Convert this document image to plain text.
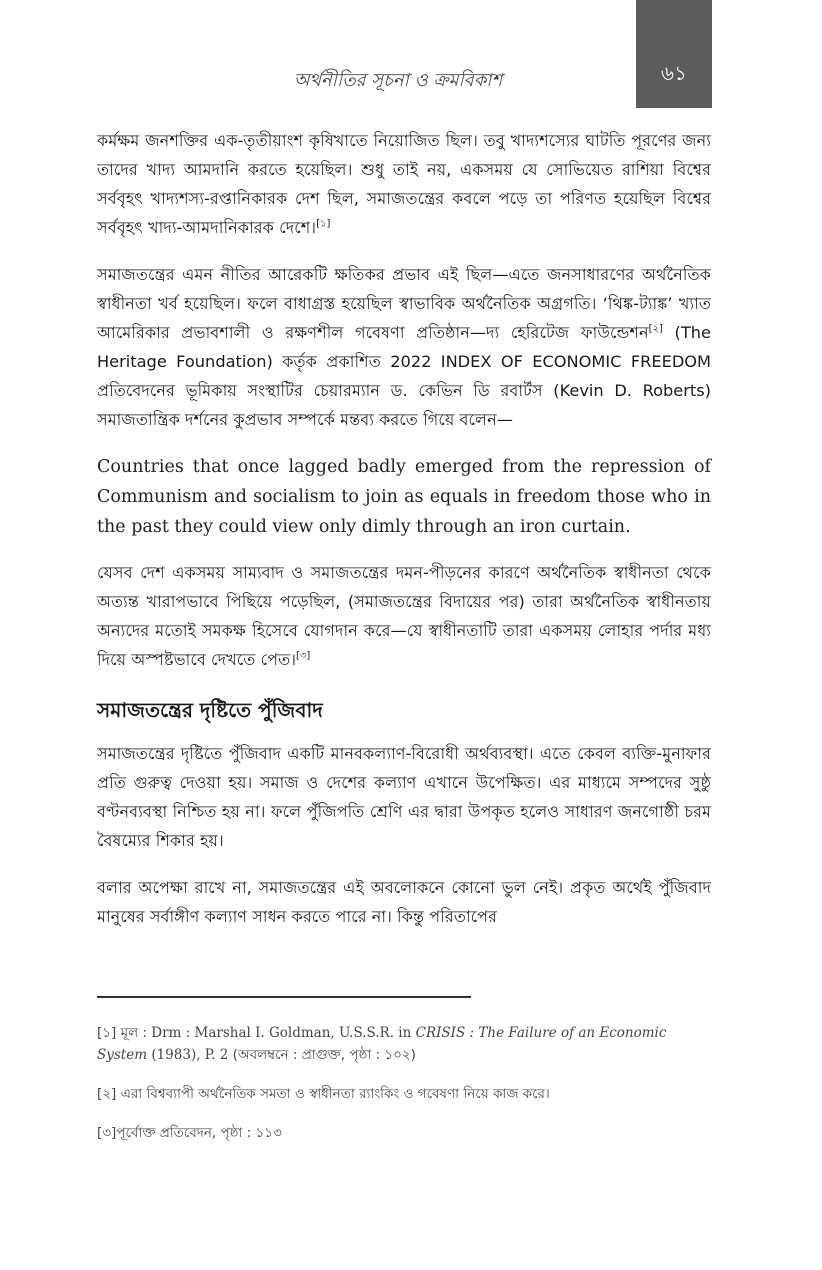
অর্থনীতির সূচনা ও ক্রমবিকাশ	৬১

কর্মক্ষম জনশক্তির এক-তৃতীয়াংশ কৃষিখাতে নিয়োজিত ছিল। তবু খাদ্যশস্যের ঘাটতি পূরণের জন্য তাদের খাদ্য আমদানি করতে হয়েছিল। শুধু তাই নয়, একসময় যে সোভিয়েত রাশিয়া বিশ্বের সর্ববৃহৎ খাদ্যশস্য-রপ্তানিকারক দেশ ছিল, সমাজতন্ত্রের কবলে পড়ে তা পরিণত হয়েছিল বিশ্বের সর্ববৃহৎ খাদ্য-আমদানিকারক দেশে।[১]

সমাজতন্ত্রের এমন নীতির আরেকটি ক্ষতিকর প্রভাব এই ছিল—এতে জনসাধারণের অর্থনৈতিক স্বাধীনতা খর্ব হয়েছিল। ফলে বাধাগ্রস্ত হয়েছিল স্বাভাবিক অর্থনৈতিক অগ্রগতি। ‘থিঙ্ক-ট্যাঙ্ক’ খ্যাত আমেরিকার প্রভাবশালী ও রক্ষণশীল গবেষণা প্রতিষ্ঠান—দ্য হেরিটেজ ফাউন্ডেশন[২] (The Heritage Foundation) কর্তৃক প্রকাশিত 2022 INDEX OF ECONOMIC FREEDOM প্রতিবেদনের ভূমিকায় সংস্থাটির চেয়ারম্যান ড. কেভিন ডি রবার্টস (Kevin D. Roberts) সমাজতান্ত্রিক দর্শনের কুপ্রভাব সম্পর্কে মন্তব্য করতে গিয়ে বলেন—

Countries that once lagged badly emerged from the repression of Communism and socialism to join as equals in freedom those who in the past they could view only dimly through an iron curtain.

যেসব দেশ একসময় সাম্যবাদ ও সমাজতন্ত্রের দমন-পীড়নের কারণে অর্থনৈতিক স্বাধীনতা থেকে অত্যন্ত খারাপভাবে পিছিয়ে পড়েছিল, (সমাজতন্ত্রের বিদায়ের পর) তারা অর্থনৈতিক স্বাধীনতায় অন্যদের মতোই সমকক্ষ হিসেবে যোগদান করে—যে স্বাধীনতাটি তারা একসময় লোহার পর্দার মধ্য দিয়ে অস্পষ্টভাবে দেখতে পেত।[৩]

সমাজতন্ত্রের দৃষ্টিতে পুঁজিবাদ

সমাজতন্ত্রের দৃষ্টিতে পুঁজিবাদ একটি মানবকল্যাণ-বিরোধী অর্থব্যবস্থা। এতে কেবল ব্যক্তি-মুনাফার প্রতি গুরুত্ব দেওয়া হয়। সমাজ ও দেশের কল্যাণ এখানে উপেক্ষিত। এর মাধ্যমে সম্পদের সুষ্ঠু বণ্টনব্যবস্থা নিশ্চিত হয় না। ফলে পুঁজিপতি শ্রেণি এর দ্বারা উপকৃত হলেও সাধারণ জনগোষ্ঠী চরম বৈষম্যের শিকার হয়।

বলার অপেক্ষা রাখে না, সমাজতন্ত্রের এই অবলোকনে কোনো ভুল নেই। প্রকৃত অর্থেই পুঁজিবাদ মানুষের সর্বাঙ্গীণ কল্যাণ সাধন করতে পারে না। কিন্তু পরিতাপের

[১] মূল : Drm : Marshal I. Goldman, U.S.S.R. in CRISIS : The Failure of an Economic System (1983), P. 2 (অবলম্বনে : প্রাগুক্ত, পৃষ্ঠা : ১০২)

[২] এরা বিশ্বব্যাপী অর্থনৈতিক সমতা ও স্বাধীনতা র‍্যাংকিং ও গবেষণা নিয়ে কাজ করে।

[৩]পূর্বোক্ত প্রতিবেদন, পৃষ্ঠা : ১১৩
